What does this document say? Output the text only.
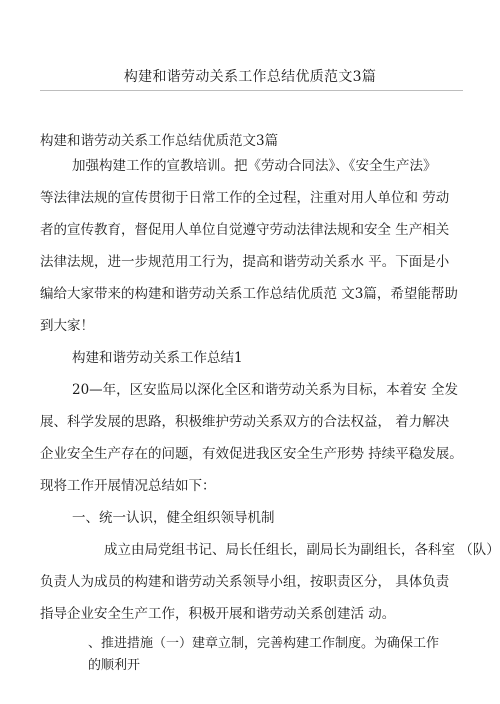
构建和谐劳动关系工作总结优质范文3篇
构建和谐劳动关系工作总结优质范文3篇
加强构建工作的宣教培训。把《劳动合同法》、《安全生产法》
等法律法规的宣传贯彻于日常工作的全过程，注重对用人单位和 劳动
者的宣传教育，督促用人单位自觉遵守劳动法律法规和安全 生产相关
法律法规，进一步规范用工行为，提高和谐劳动关系水 平。下面是小
编给大家带来的构建和谐劳动关系工作总结优质范 文3篇，希望能帮助
到大家！
构建和谐劳动关系工作总结1
20—年，区安监局以深化全区和谐劳动关系为目标，本着安 全发
展、科学发展的思路，积极维护劳动关系双方的合法权益， 着力解决
企业安全生产存在的问题，有效促进我区安全生产形势 持续平稳发展。
现将工作开展情况总结如下：
一、统一认识，健全组织领导机制
成立由局党组书记、局长任组长，副局长为副组长，各科室 （队）
负责人为成员的构建和谐劳动关系领导小组，按职责区分， 具体负责
指导企业安全生产工作，积极开展和谐劳动关系创建活 动。
、推进措施（一）建章立制，完善构建工作制度。为确保工作
的顺利开
